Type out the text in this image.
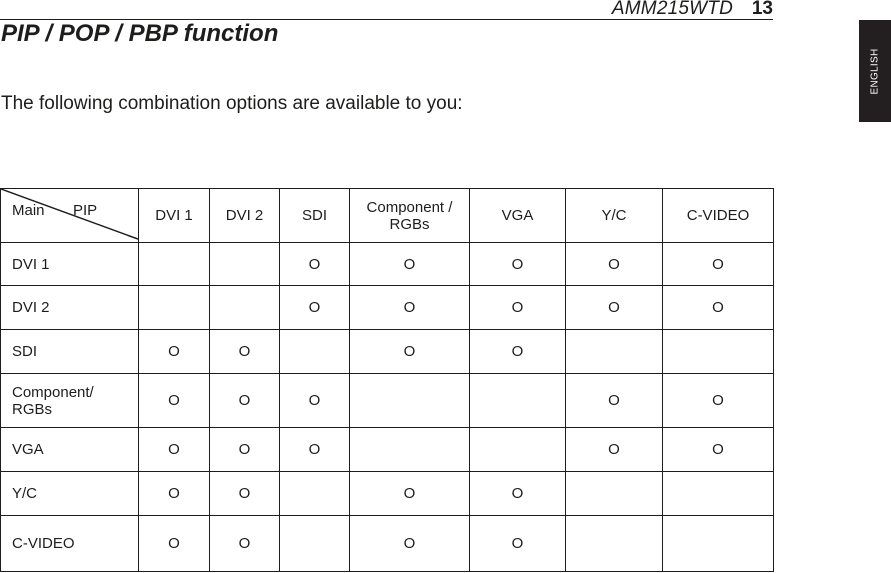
AMM215WTD 13
PIP / POP / PBP function
The following combination options are available to you:
ENGLISH
Main PIP	DVI 1	DVI 2	SDI	Component /
RGBs	VGA	Y/C	C-VIDEO
DVI 1			O	O	O	O	O
DVI 2			O	O	O	O	O
SDI	O	O		O	O		
Component/
RGBs	O	O	O			O	O
VGA	O	O	O			O	O
Y/C	O	O		O	O		
C-VIDEO	O	O		O	O		
